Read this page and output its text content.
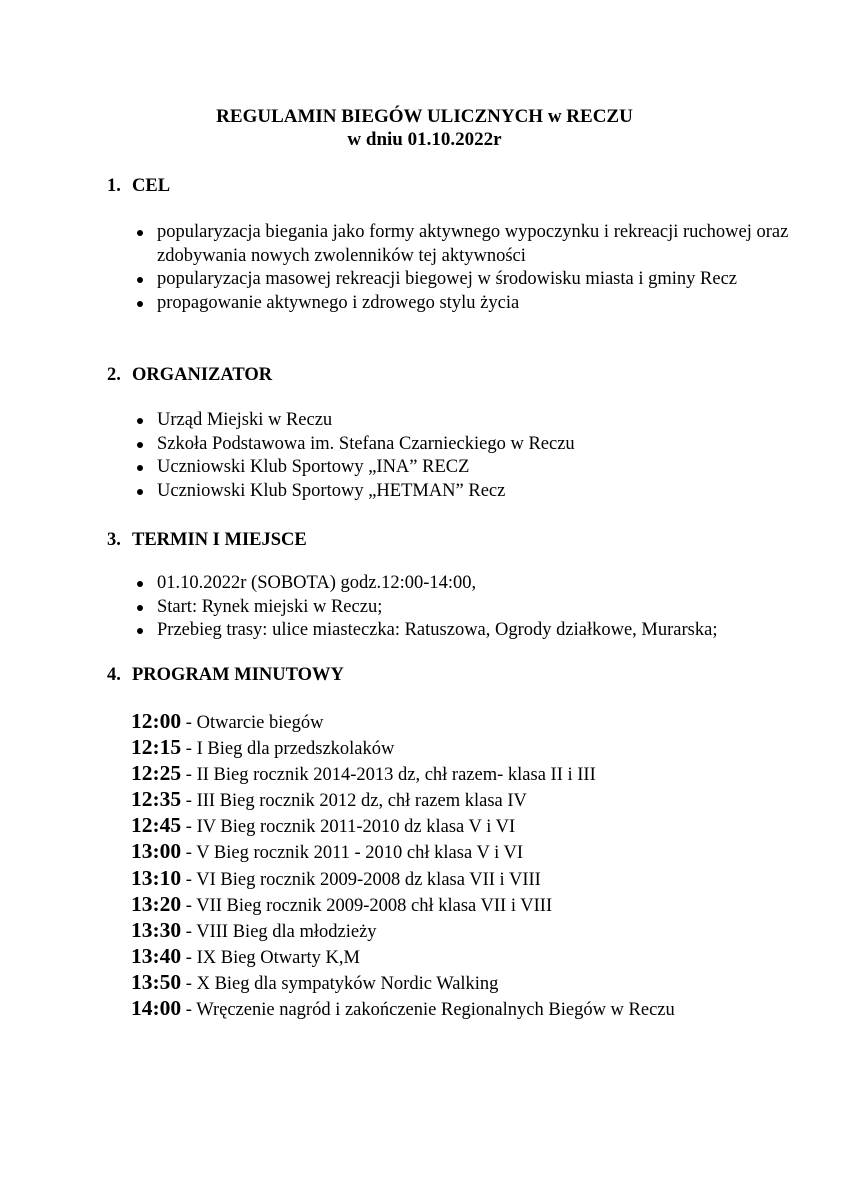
REGULAMIN BIEGÓW ULICZNYCH w RECZU
w dniu 01.10.2022r
1. CEL
popularyzacja biegania jako formy aktywnego wypoczynku i rekreacji ruchowej oraz zdobywania nowych zwolenników tej aktywności
popularyzacja masowej rekreacji biegowej w środowisku miasta i gminy Recz
propagowanie aktywnego i zdrowego stylu życia
2. ORGANIZATOR
Urząd Miejski w Reczu
Szkoła Podstawowa im. Stefana Czarnieckiego w Reczu
Uczniowski Klub Sportowy „INA” RECZ
Uczniowski Klub Sportowy „HETMAN” Recz
3. TERMIN I MIEJSCE
01.10.2022r (SOBOTA) godz.12:00-14:00,
Start: Rynek miejski w Reczu;
Przebieg trasy: ulice miasteczka: Ratuszowa, Ogrody działkowe, Murarska;
4. PROGRAM MINUTOWY
12:00 - Otwarcie biegów
12:15 - I Bieg dla przedszkolaków
12:25 - II Bieg rocznik 2014-2013 dz, chł razem- klasa II i III
12:35 - III Bieg rocznik 2012 dz, chł razem klasa IV
12:45 - IV Bieg rocznik 2011-2010 dz klasa V i VI
13:00 - V Bieg rocznik 2011 - 2010 chł klasa V i VI
13:10 - VI Bieg rocznik 2009-2008 dz klasa VII i VIII
13:20 - VII Bieg rocznik 2009-2008 chł klasa VII i VIII
13:30 - VIII Bieg dla młodzieży
13:40 - IX Bieg Otwarty K,M
13:50 - X Bieg dla sympatyków Nordic Walking
14:00 - Wręczenie nagród i zakończenie Regionalnych Biegów w Reczu
